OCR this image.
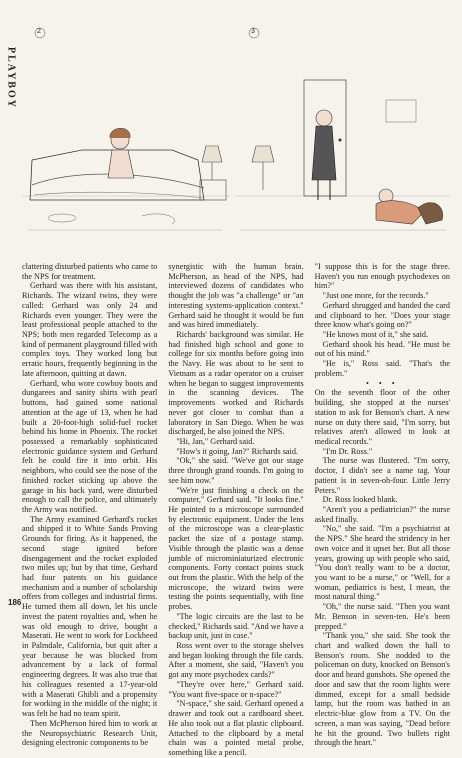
PLAYBOY
2	3

clattering disturbed patients who came to the NPS for treatment.

Gerhard was there with his assistant, Richards. The wizard twins, they were called: Gerhard was only 24 and Richards even younger. They were the least professional people attached to the NPS; both men regarded Telecomp as a kind of permanent playground filled with complex toys. They worked long but erratic hours, frequently beginning in the late afternoon, quitting at dawn.

Gerhard, who wore cowboy boots and dungarees and sanity shirts with pearl buttons, had gained some national attention at the age of 13, when he had built a 20-foot-high solid-fuel rocket behind his home in Phoenix. The rocket possessed a remarkably sophisticated electronic guidance system and Gerhard felt he could fire it into orbit. His neighbors, who could see the nose of the finished rocket sticking up above the garage in his back yard, were disturbed enough to call the police, and ultimately the Army was notified.

The Army examined Gerhard's rocket and shipped it to White Sands Proving Grounds for firing. As it happened, the second stage ignited before disengagement and the rocket exploded two miles up; but by that time, Gerhard had four patents on his guidance mechanism and a number of scholarship offers from colleges and industrial firms. He turned them all down, let his uncle invest the patent royalties and, when he was old enough to drive, bought a Maserati. He went to work for Lockheed in Palmdale, California, but quit after a year because he was blocked from advancement by a lack of formal engineering degrees. It was also true that his colleagues resented a 17-year-old with a Maserati Ghibli and a propensity for working in the middle of the night; it was felt he had no team spirit.

Then McPherson hired him to work at the Neuropsychiatric Research Unit, designing electronic components to be

synergistic with the human brain. McPherson, as head of the NPS, had interviewed dozens of candidates who thought the job was "a challenge" or "an interesting systems-application context." Gerhard said he thought it would be fun and was hired immediately.

Richards' background was similar. He had finished high school and gone to college for six months before going into the Navy. He was about to be sent to Vietnam as a radar operator on a cruiser when he began to suggest improvements in the scanning devices. The improvements worked and Richards never got closer to combat than a laboratory in San Diego. When he was discharged, he also joined the NPS.

"Hi, Jan," Gerhard said.

"How's it going, Jan?" Richards said.

"Ok," she said. "We've got our stage three through grand rounds. I'm going to see him now."

"We're just finishing a check on the computer," Gerhard said. "It looks fine." He pointed to a microscope surrounded by electronic equipment. Under the lens of the microscope was a clear-plastic packet the size of a postage stamp. Visible through the plastic was a dense jumble of microminiaturized electronic components. Forty contact points stuck out from the plastic. With the help of the microscope, the wizard twins were testing the points sequentially, with fine probes.

"The logic circuits are the last to be checked," Richards said. "And we have a backup unit, just in case."

Ross went over to the storage shelves and began looking through the file cards. After a moment, she said, "Haven't you got any more psychodex cards?"

"They're over here," Gerhard said. "You want five-space or n-space?"

"N-space," she said. Gerhard opened a drawer and took out a cardboard sheet. He also took out a flat plastic clipboard. Attached to the clipboard by a metal chain was a pointed metal probe, something like a pencil.

"I suppose this is for the stage three. Haven't you run enough psychodexes on him?"

"Just one more, for the records."

Gerhard shrugged and handed the card and clipboard to her. "Does your stage three know what's going on?"

"He knows most of it," she said.

Gerhard shook his head. "He must be out of his mind."

"He is," Ross said. "That's the problem."

• • •

On the seventh floor of the other building, she stopped at the nurses' station to ask for Benson's chart. A new nurse on duty there said, "I'm sorry, but relatives aren't allowed to look at medical records."

"I'm Dr. Ross."

The nurse was flustered. "I'm sorry, doctor, I didn't see a name tag. Your patient is in seven-oh-four. Little Jerry Peters."

Dr. Ross looked blank.

"Aren't you a pediatrician?" the nurse asked finally.

"No," she said. "I'm a psychiatrist at the NPS." She heard the stridency in her own voice and it upset her. But all those years, growing up with people who said, "You don't really want to be a doctor, you want to be a nurse," or "Well, for a woman, pediatrics is best, I mean, the most natural thing."

"Oh," the nurse said. "Then you want Mr. Benson in seven-ten. He's been prepped."

"Thank you," she said. She took the chart and walked down the hall to Benson's room. She nodded to the policeman on duty, knocked on Benson's door and heard gunshots. She opened the door and saw that the room lights were dimmed, except for a small bedside lamp, but the room was bathed in an electric-blue glow from a TV. On the screen, a man was saying, "Dead before he hit the ground. Two bullets right through the heart."

186
